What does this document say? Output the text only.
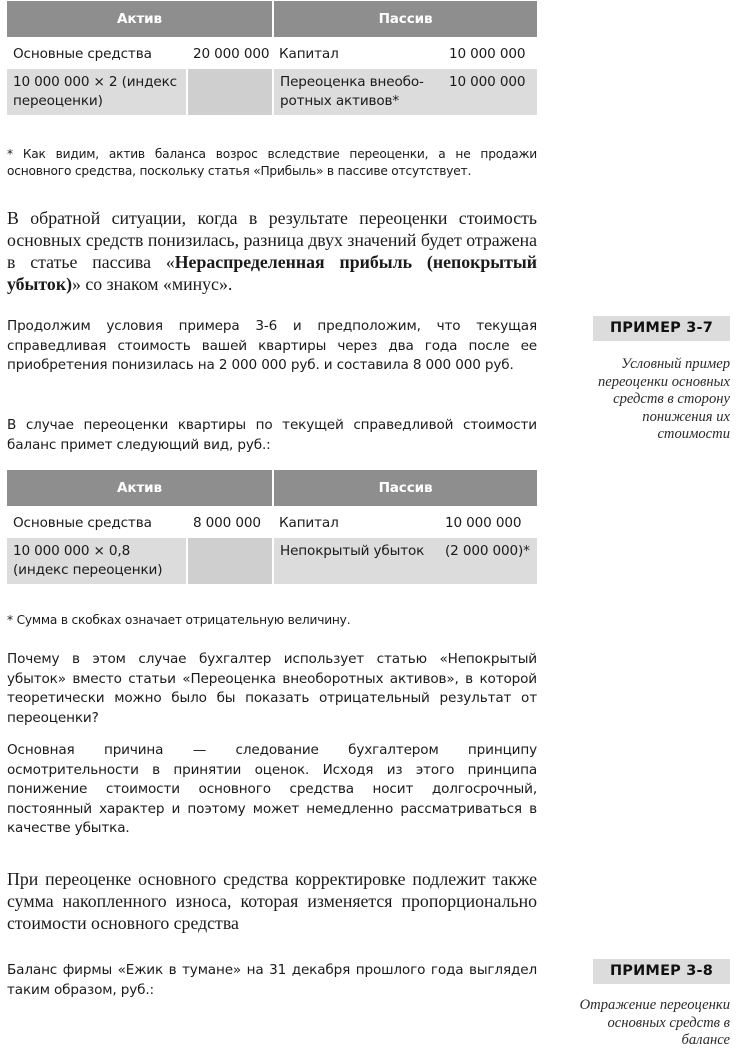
Актив		Пассив	
Основные средства	20 000 000	Капитал	10 000 000
10 000 000 × 2 (индекс переоценки)		Переоценка внеобо-ротных активов*	10 000 000

* Как видим, актив баланса возрос вследствие переоценки, а не продажи основного средства, поскольку статья «Прибыль» в пассиве отсутствует.

В обратной ситуации, когда в результате переоценки стоимость основных средств понизилась, разница двух значений будет отражена в статье пассива «Нераспределенная прибыль (непокрытый убыток)» со знаком «минус».

Продолжим условия примера 3-6 и предположим, что текущая справедливая стоимость вашей квартиры через два года после ее приобретения понизилась на 2 000 000 руб. и составила 8 000 000 руб.

В случае переоценки квартиры по текущей справедливой стоимости баланс примет следующий вид, руб.:

Актив		Пассив	
Основные средства	8 000 000	Капитал	10 000 000
10 000 000 × 0,8 (индекс переоценки)		Непокрытый убыток	(2 000 000)*

* Сумма в скобках означает отрицательную величину.

Почему в этом случае бухгалтер использует статью «Непокрытый убыток» вместо статьи «Переоценка внеоборотных активов», в которой теоретически можно было бы показать отрицательный результат от переоценки?

Основная причина — следование бухгалтером принципу осмотрительности в принятии оценок. Исходя из этого принципа понижение стоимости основного средства носит долгосрочный, постоянный характер и поэтому может немедленно рассматриваться в качестве убытка.

При переоценке основного средства корректировке подлежит также сумма накопленного износа, которая изменяется пропорционально стоимости основного средства

Баланс фирмы «Ежик в тумане» на 31 декабря прошлого года выглядел таким образом, руб.:

ПРИМЕР 3-7

Условный пример переоценки основных средств в сторону понижения их стоимости

ПРИМЕР 3-8

Отражение переоценки основных средств в балансе
